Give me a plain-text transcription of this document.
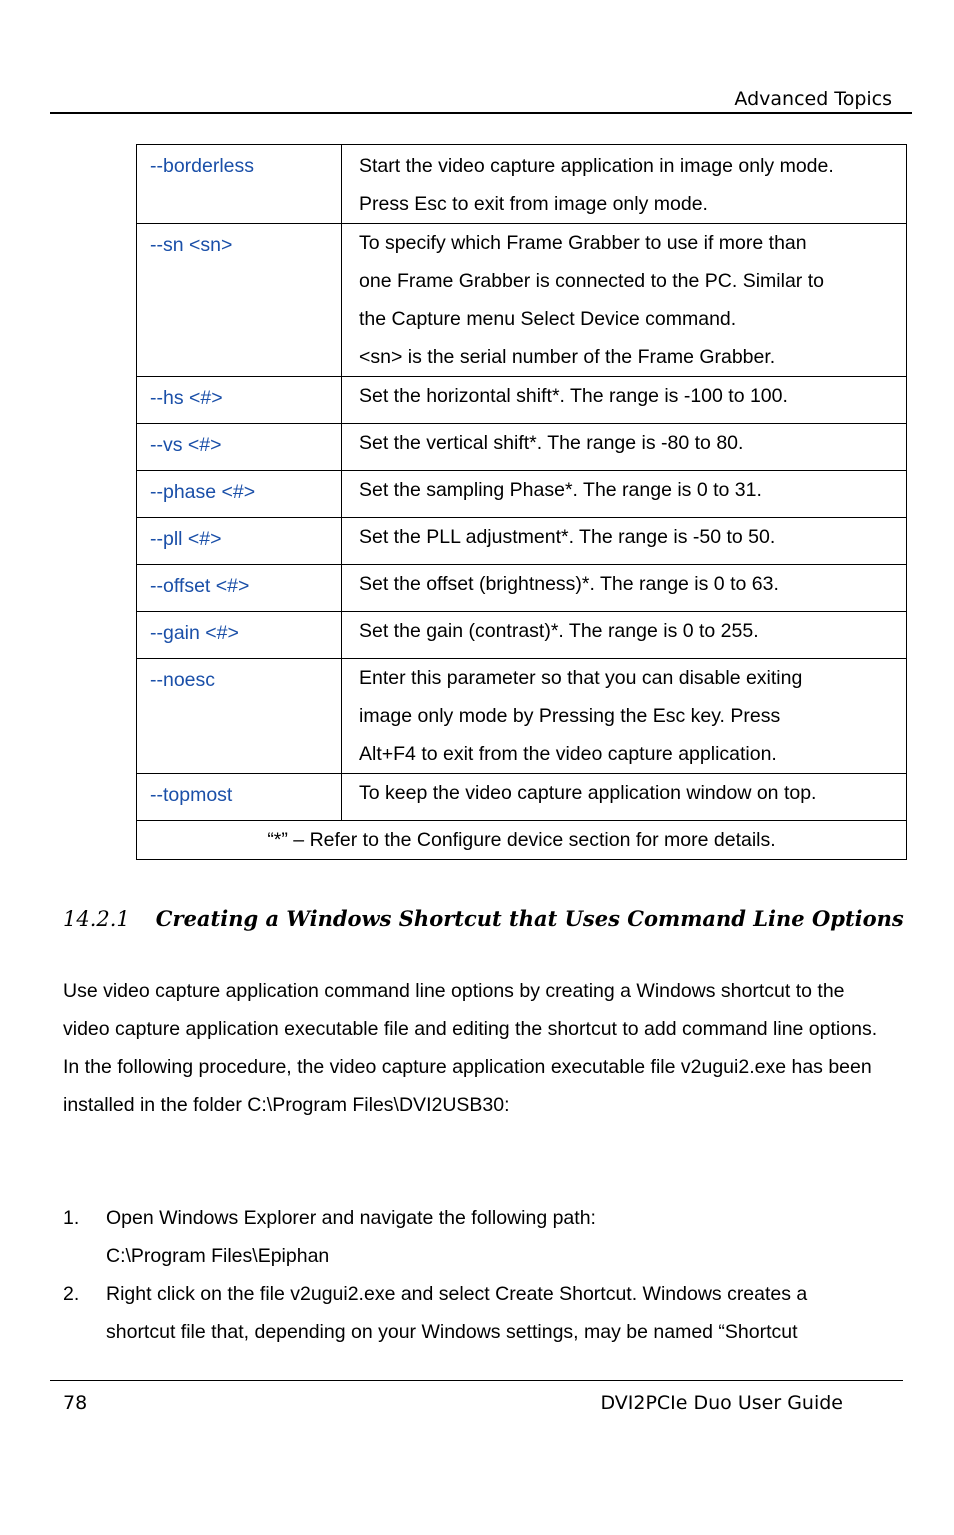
Advanced Topics
--borderless	Start the video capture application in image only mode.
Press Esc to exit from image only mode.

--sn <sn>	To specify which Frame Grabber to use if more than
one Frame Grabber is connected to the PC. Similar to
the Capture menu Select Device command.
<sn> is the serial number of the Frame Grabber.

--hs <#>	Set the horizontal shift*. The range is -100 to 100.

--vs <#>	Set the vertical shift*. The range is -80 to 80.

--phase <#>	Set the sampling Phase*. The range is 0 to 31.

--pll <#>	Set the PLL adjustment*. The range is -50 to 50.

--offset <#>	Set the offset (brightness)*. The range is 0 to 63.

--gain <#>	Set the gain (contrast)*. The range is 0 to 255.

--noesc	Enter this parameter so that you can disable exiting
image only mode by Pressing the Esc key. Press
Alt+F4 to exit from the video capture application.

--topmost	To keep the video capture application window on top.

“*” – Refer to the Configure device section for more details.	
14.2.1 Creating a Windows Shortcut that Uses Command Line Options
Use video capture application command line options by creating a Windows shortcut to the video capture application executable file and editing the shortcut to add command line options. In the following procedure, the video capture application executable file v2ugui2.exe has been installed in the folder C:\Program Files\DVI2USB30:
1.	Open Windows Explorer and navigate the following path:
C:\Program Files\Epiphan
2.	Right click on the file v2ugui2.exe and select Create Shortcut. Windows creates a
shortcut file that, depending on your Windows settings, may be named “Shortcut
78	DVI2PCIe Duo User Guide
